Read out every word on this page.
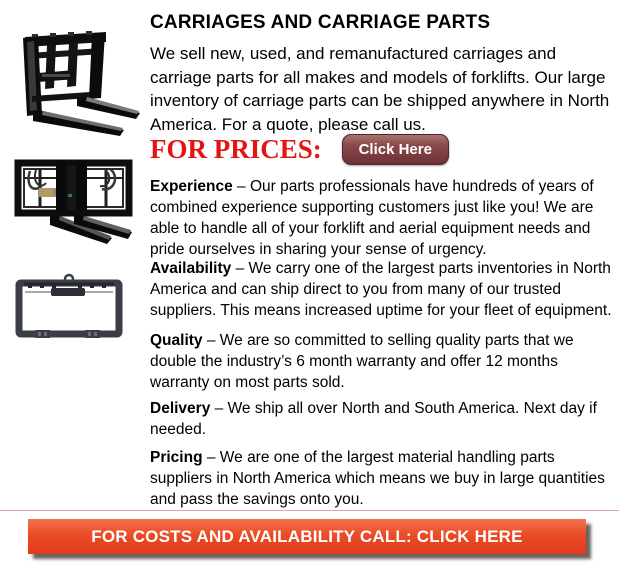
CARRIAGES AND CARRIAGE PARTS

We sell new, used, and remanufactured carriages and carriage parts for all makes and models of forklifts. Our large inventory of carriage parts can be shipped anywhere in North America. For a quote, please call us.

FOR PRICES:	Click Here

Experience – Our parts professionals have hundreds of years of combined experience supporting customers just like you! We are able to handle all of your forklift and aerial equipment needs and pride ourselves in sharing your sense of urgency.

Availability – We carry one of the largest parts inventories in North America and can ship direct to you from many of our trusted suppliers. This means increased uptime for your fleet of equipment.

Quality – We are so committed to selling quality parts that we double the industry’s 6 month warranty and offer 12 months warranty on most parts sold.

Delivery – We ship all over North and South America. Next day if needed.

Pricing – We are one of the largest material handling parts suppliers in North America which means we buy in large quantities and pass the savings onto you.

FOR COSTS AND AVAILABILITY CALL: CLICK HERE
